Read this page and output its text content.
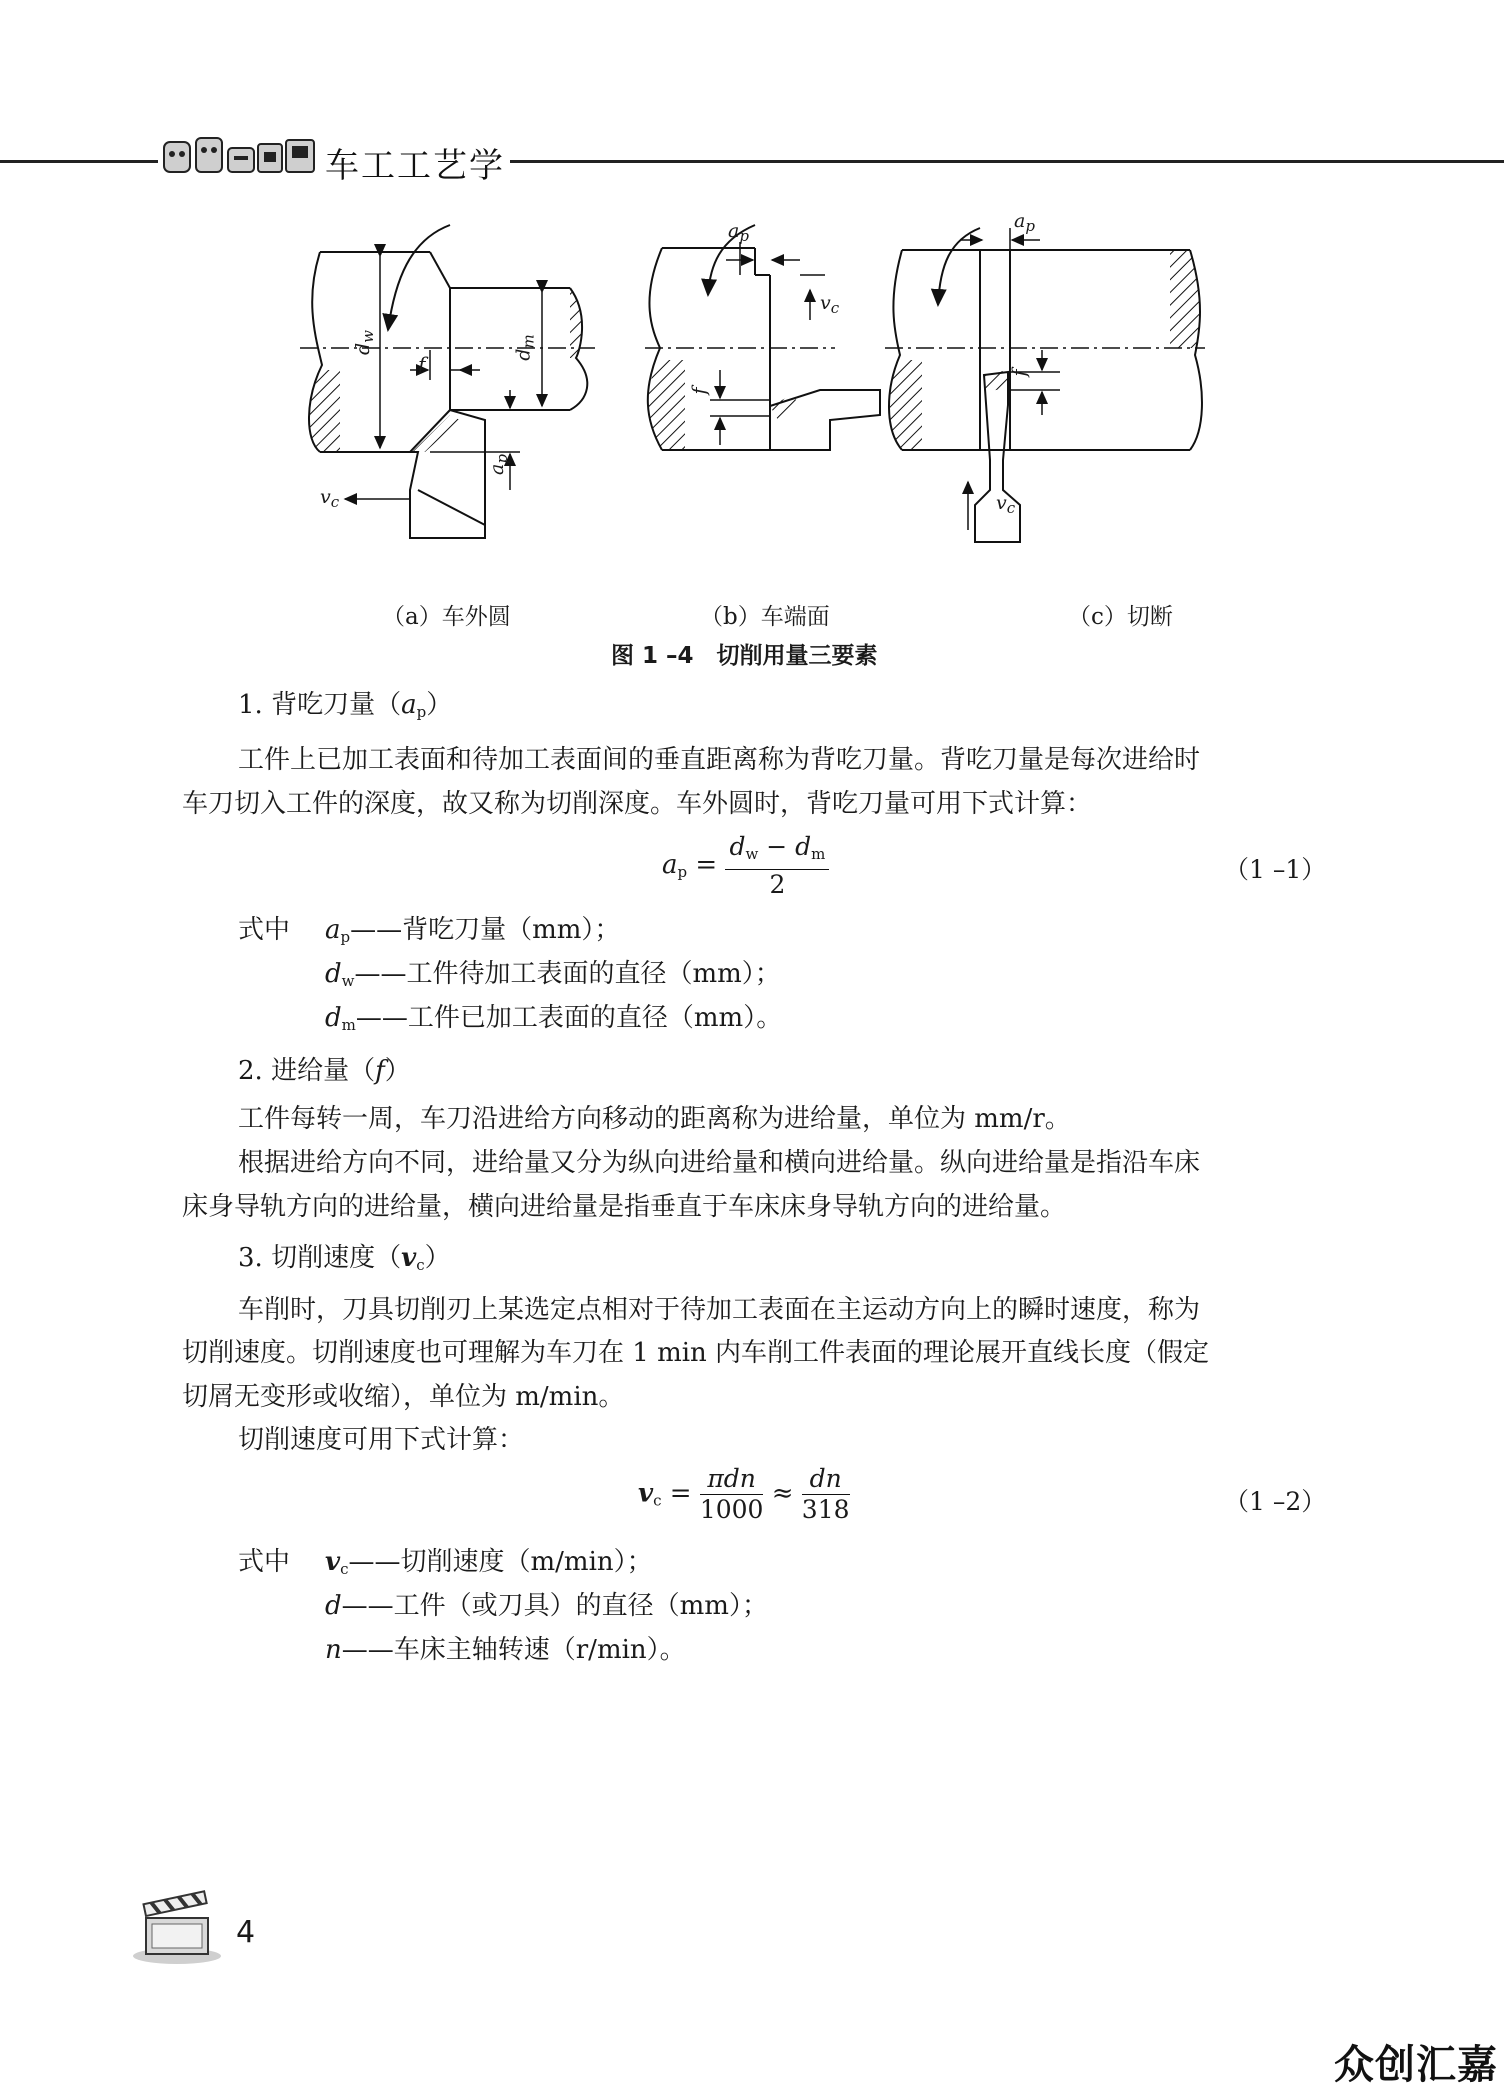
车工工艺学
$d_w$
$d_m$
f
$a_p$
$v_c$
$a_p$
f
$v_c$
$a_p$
f
$v_c$
（a）车外圆	（b）车端面	（c）切断
图 1 –4　切削用量三要素
1. 背吃刀量$(a_p)$
工件上已加工表面和待加工表面间的垂直距离称为背吃刀量。背吃刀量是每次进给时
车刀切入工件的深度，故又称为切削深度。车外圆时，背吃刀量可用下式计算：
$a_p = \frac{d_w - d_m}{2}$	（1 –1）
式中 $a_p——$背吃刀量（mm）；
$d_w——$工件待加工表面的直径（mm）；
$d_m——$工件已加工表面的直径（mm）。
2. 进给量（f）
工件每转一周，车刀沿进给方向移动的距离称为进给量，单位为 mm/r。
根据进给方向不同，进给量又分为纵向进给量和横向进给量。纵向进给量是指沿车床
床身导轨方向的进给量，横向进给量是指垂直于车床床身导轨方向的进给量。
3. 切削速度$(v_c)$
车削时，刀具切削刃上某选定点相对于待加工表面在主运动方向上的瞬时速度，称为
切削速度。切削速度也可理解为车刀在 1 min 内车削工件表面的理论展开直线长度（假定
切屑无变形或收缩），单位为 m/min。
切削速度可用下式计算：
$v_c = \frac{\text{πdn}}{1000} \approx \frac{dn}{318}$	（1 –2）
式中 $v_c——$切削速度（m/min）；
d——工件（或刀具）的直径（mm）；
n——车床主轴转速（r/min）。
4
众创汇嘉
